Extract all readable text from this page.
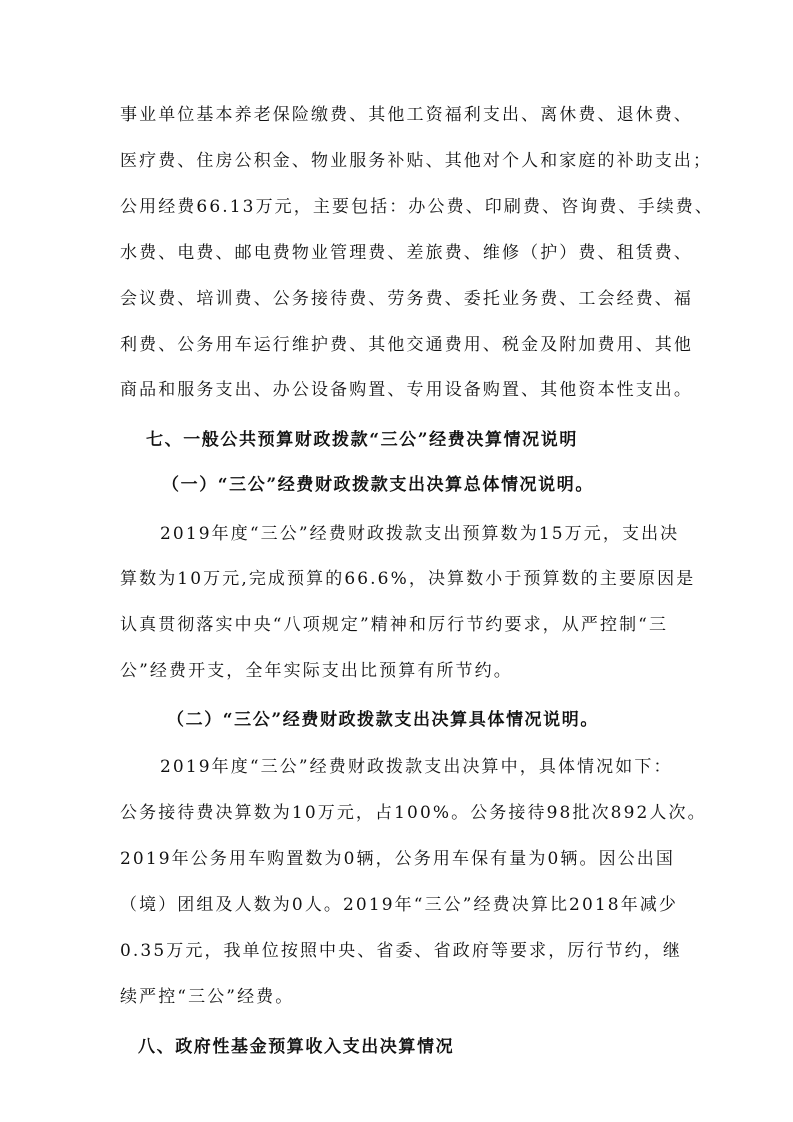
事业单位基本养老保险缴费、其他工资福利支出、离休费、退休费、
医疗费、住房公积金、物业服务补贴、其他对个人和家庭的补助支出；
公用经费66.13万元，主要包括：办公费、印刷费、咨询费、手续费、
水费、电费、邮电费物业管理费、差旅费、维修（护）费、租赁费、
会议费、培训费、公务接待费、劳务费、委托业务费、工会经费、福
利费、公务用车运行维护费、其他交通费用、税金及附加费用、其他
商品和服务支出、办公设备购置、专用设备购置、其他资本性支出。
七、一般公共预算财政拨款“三公”经费决算情况说明
（一）“三公”经费财政拨款支出决算总体情况说明。
2019年度“三公”经费财政拨款支出预算数为15万元，支出决
算数为10万元,完成预算的66.6%，决算数小于预算数的主要原因是
认真贯彻落实中央“八项规定”精神和厉行节约要求，从严控制“三
公”经费开支，全年实际支出比预算有所节约。
（二）“三公”经费财政拨款支出决算具体情况说明。
2019年度“三公”经费财政拨款支出决算中，具体情况如下：
公务接待费决算数为10万元，占100%。公务接待98批次892人次。
2019年公务用车购置数为0辆，公务用车保有量为0辆。因公出国
（境）团组及人数为0人。2019年“三公”经费决算比2018年减少
0.35万元，我单位按照中央、省委、省政府等要求，厉行节约，继
续严控“三公”经费。
八、政府性基金预算收入支出决算情况
